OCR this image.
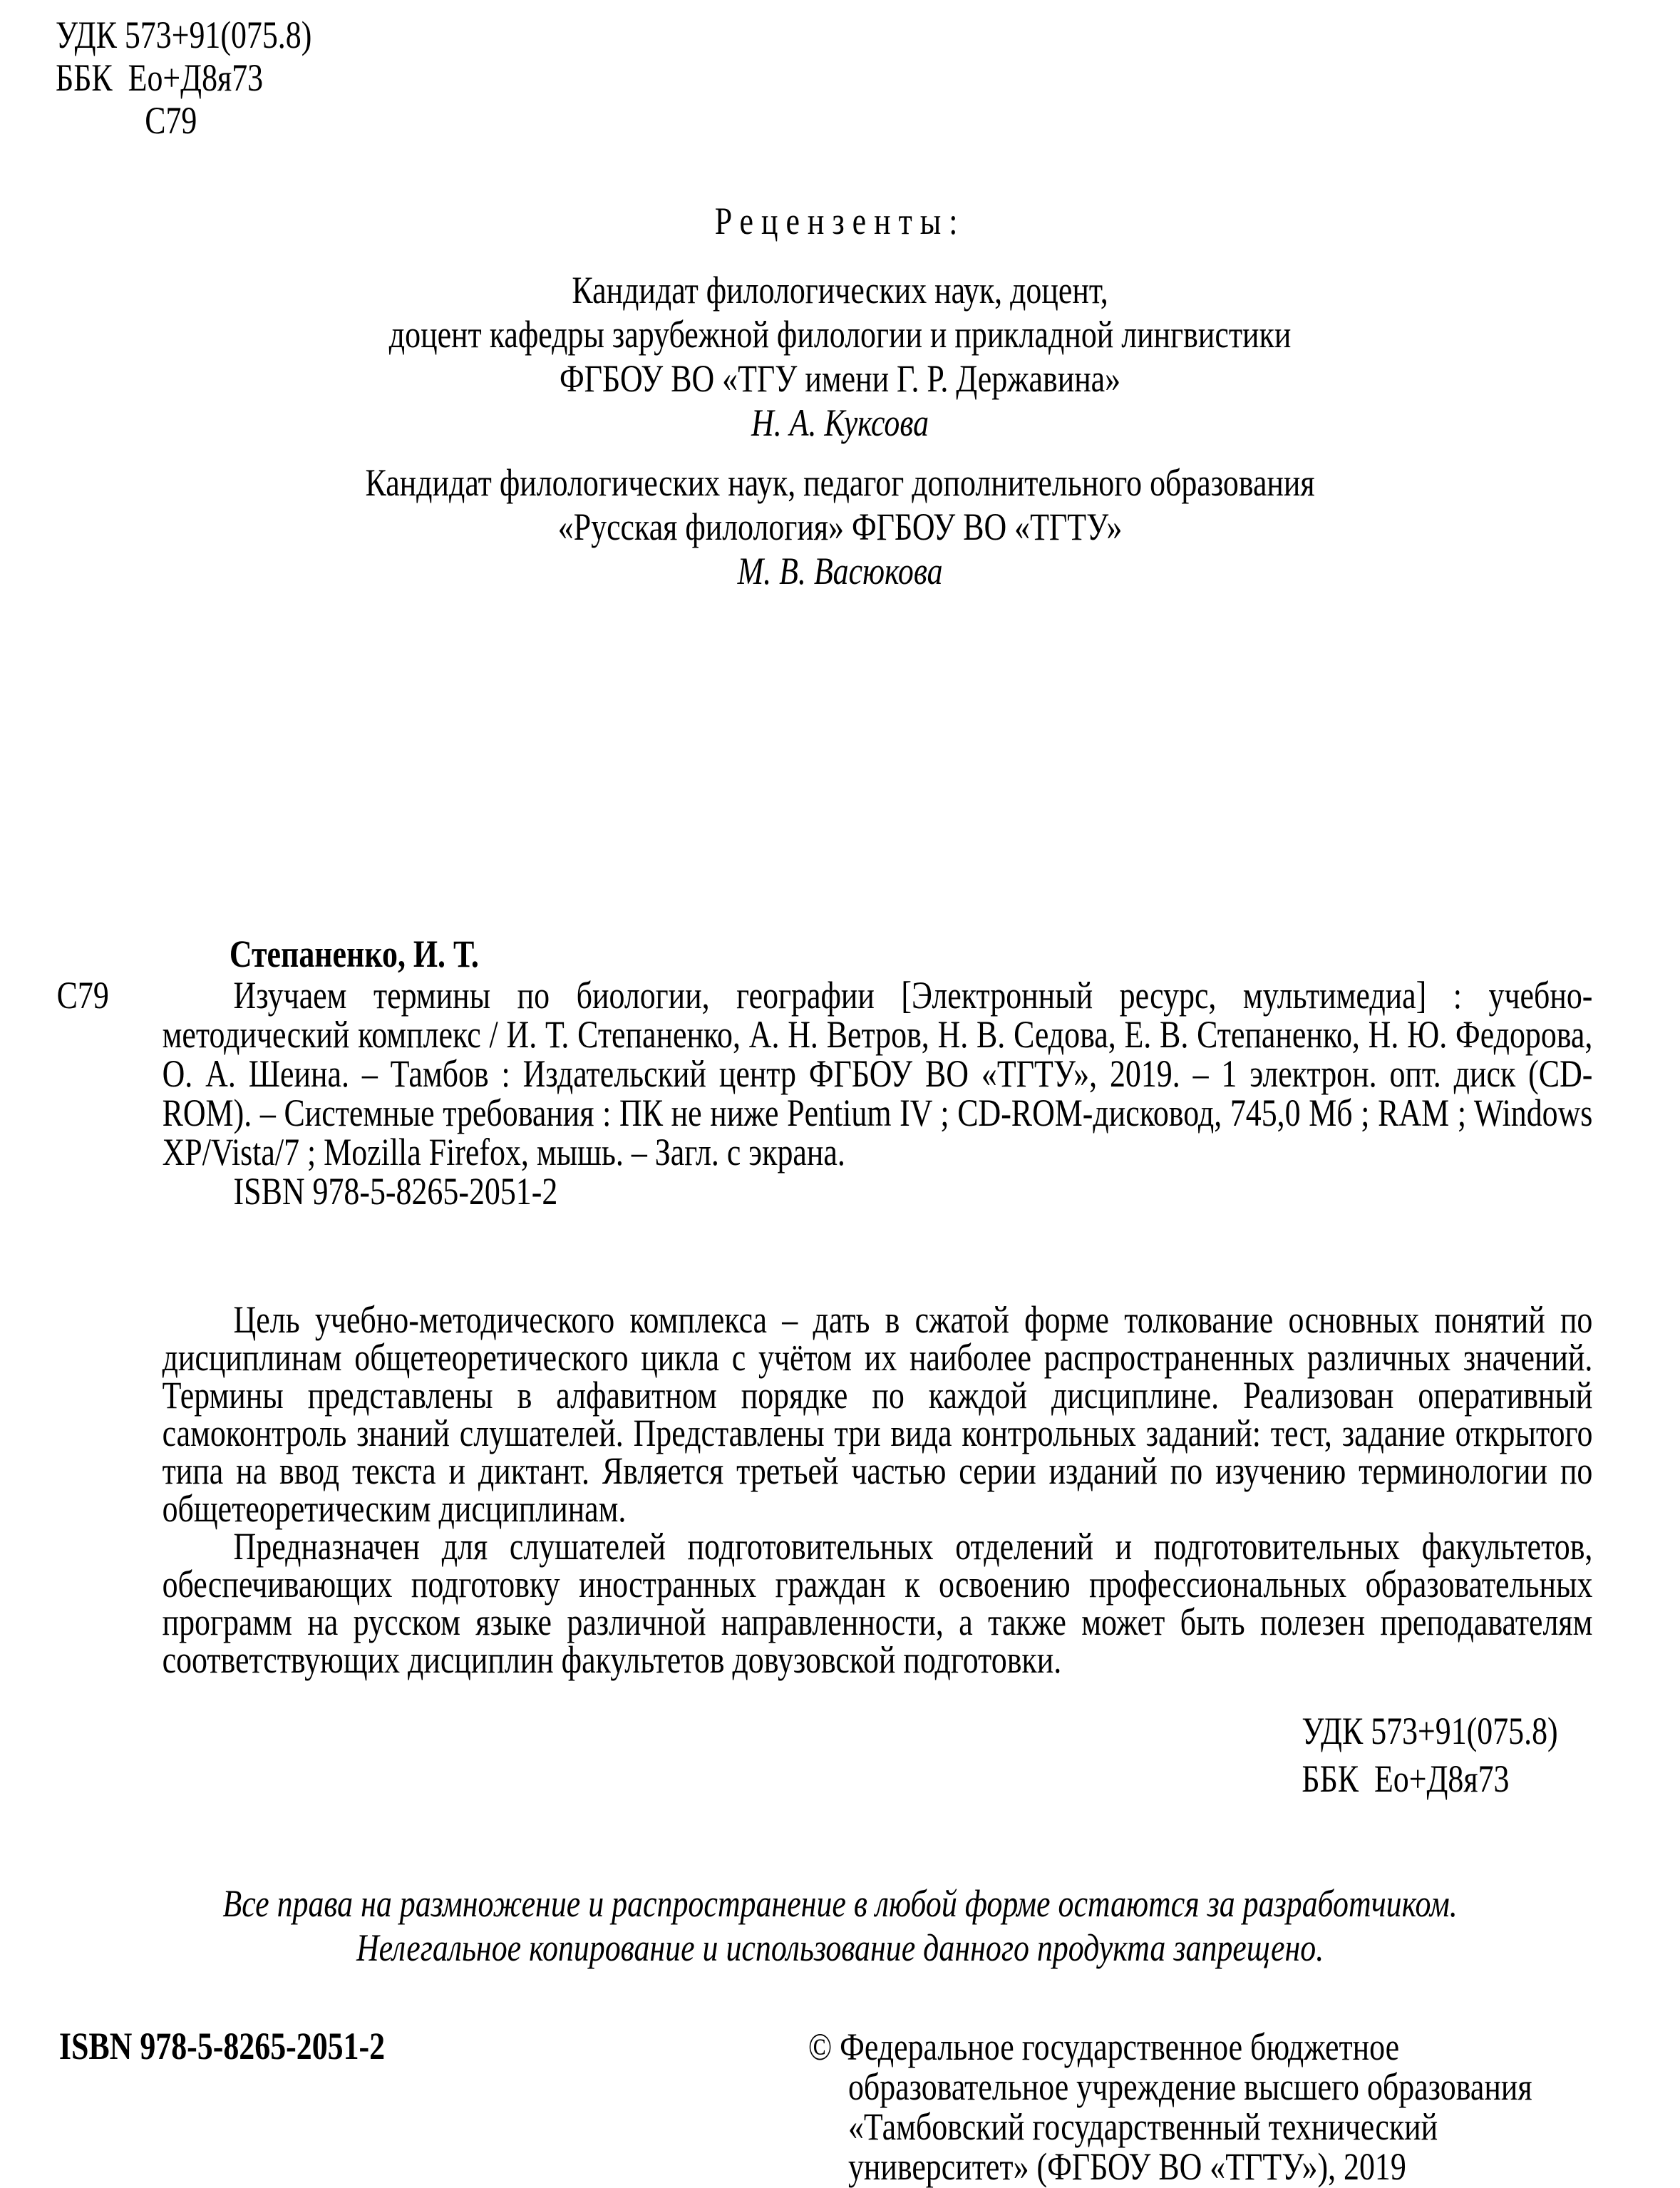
УДК 573+91(075.8)
ББК  Ео+Д8я73
С79
Рецензенты:
Кандидат филологических наук, доцент,
доцент кафедры зарубежной филологии и прикладной лингвистики
ФГБОУ ВО «ТГУ имени Г. Р. Державина»
Н. А. Куксова
Кандидат филологических наук, педагог дополнительного образования
«Русская филология» ФГБОУ ВО «ТГТУ»
М. В. Васюкова
Степаненко, И. Т.
С79	Изучаем термины по биологии, географии [Электронный ресурс, мультимедиа] : учебно-методический комплекс / И. Т. Степаненко, А. Н. Ветров, Н. В. Седова, Е. В. Степаненко, Н. Ю. Федорова, О. А. Шеина. – Тамбов : Издательский центр ФГБОУ ВО «ТГТУ», 2019. – 1 электрон. опт. диск (CD-ROM). – Системные требования : ПК не ниже Pentium IV ; CD-ROM-дисковод, 745,0 Мб ; RAM ; Windows XP/Vista/7 ; Mozilla Firefox, мышь. – Загл. с экрана.
ISBN 978-5-8265-2051-2

Цель учебно-методического комплекса – дать в сжатой форме толкование основных понятий по дисциплинам общетеоретического цикла с учётом их наиболее распространенных различных значений. Термины представлены в алфавитном порядке по каждой дисциплине. Реализован оперативный самоконтроль знаний слушателей. Представлены три вида контрольных заданий: тест, задание открытого типа на ввод текста и диктант. Является третьей частью серии изданий по изучению терминологии по общетеоретическим дисциплинам.

Предназначен для слушателей подготовительных отделений и подготовительных факультетов, обеспечивающих подготовку иностранных граждан к освоению профессиональных образовательных программ на русском языке различной направленности, а также может быть полезен преподавателям соответствующих дисциплин факультетов довузовской подготовки.

УДК 573+91(075.8)
ББК  Ео+Д8я73
Все права на размножение и распространение в любой форме остаются за разработчиком.
Нелегальное копирование и использование данного продукта запрещено.
ISBN 978-5-8265-2051-2	© Федеральное государственное бюджетное
образовательное учреждение высшего образования
«Тамбовский государственный технический
университет» (ФГБОУ ВО «ТГТУ»), 2019
